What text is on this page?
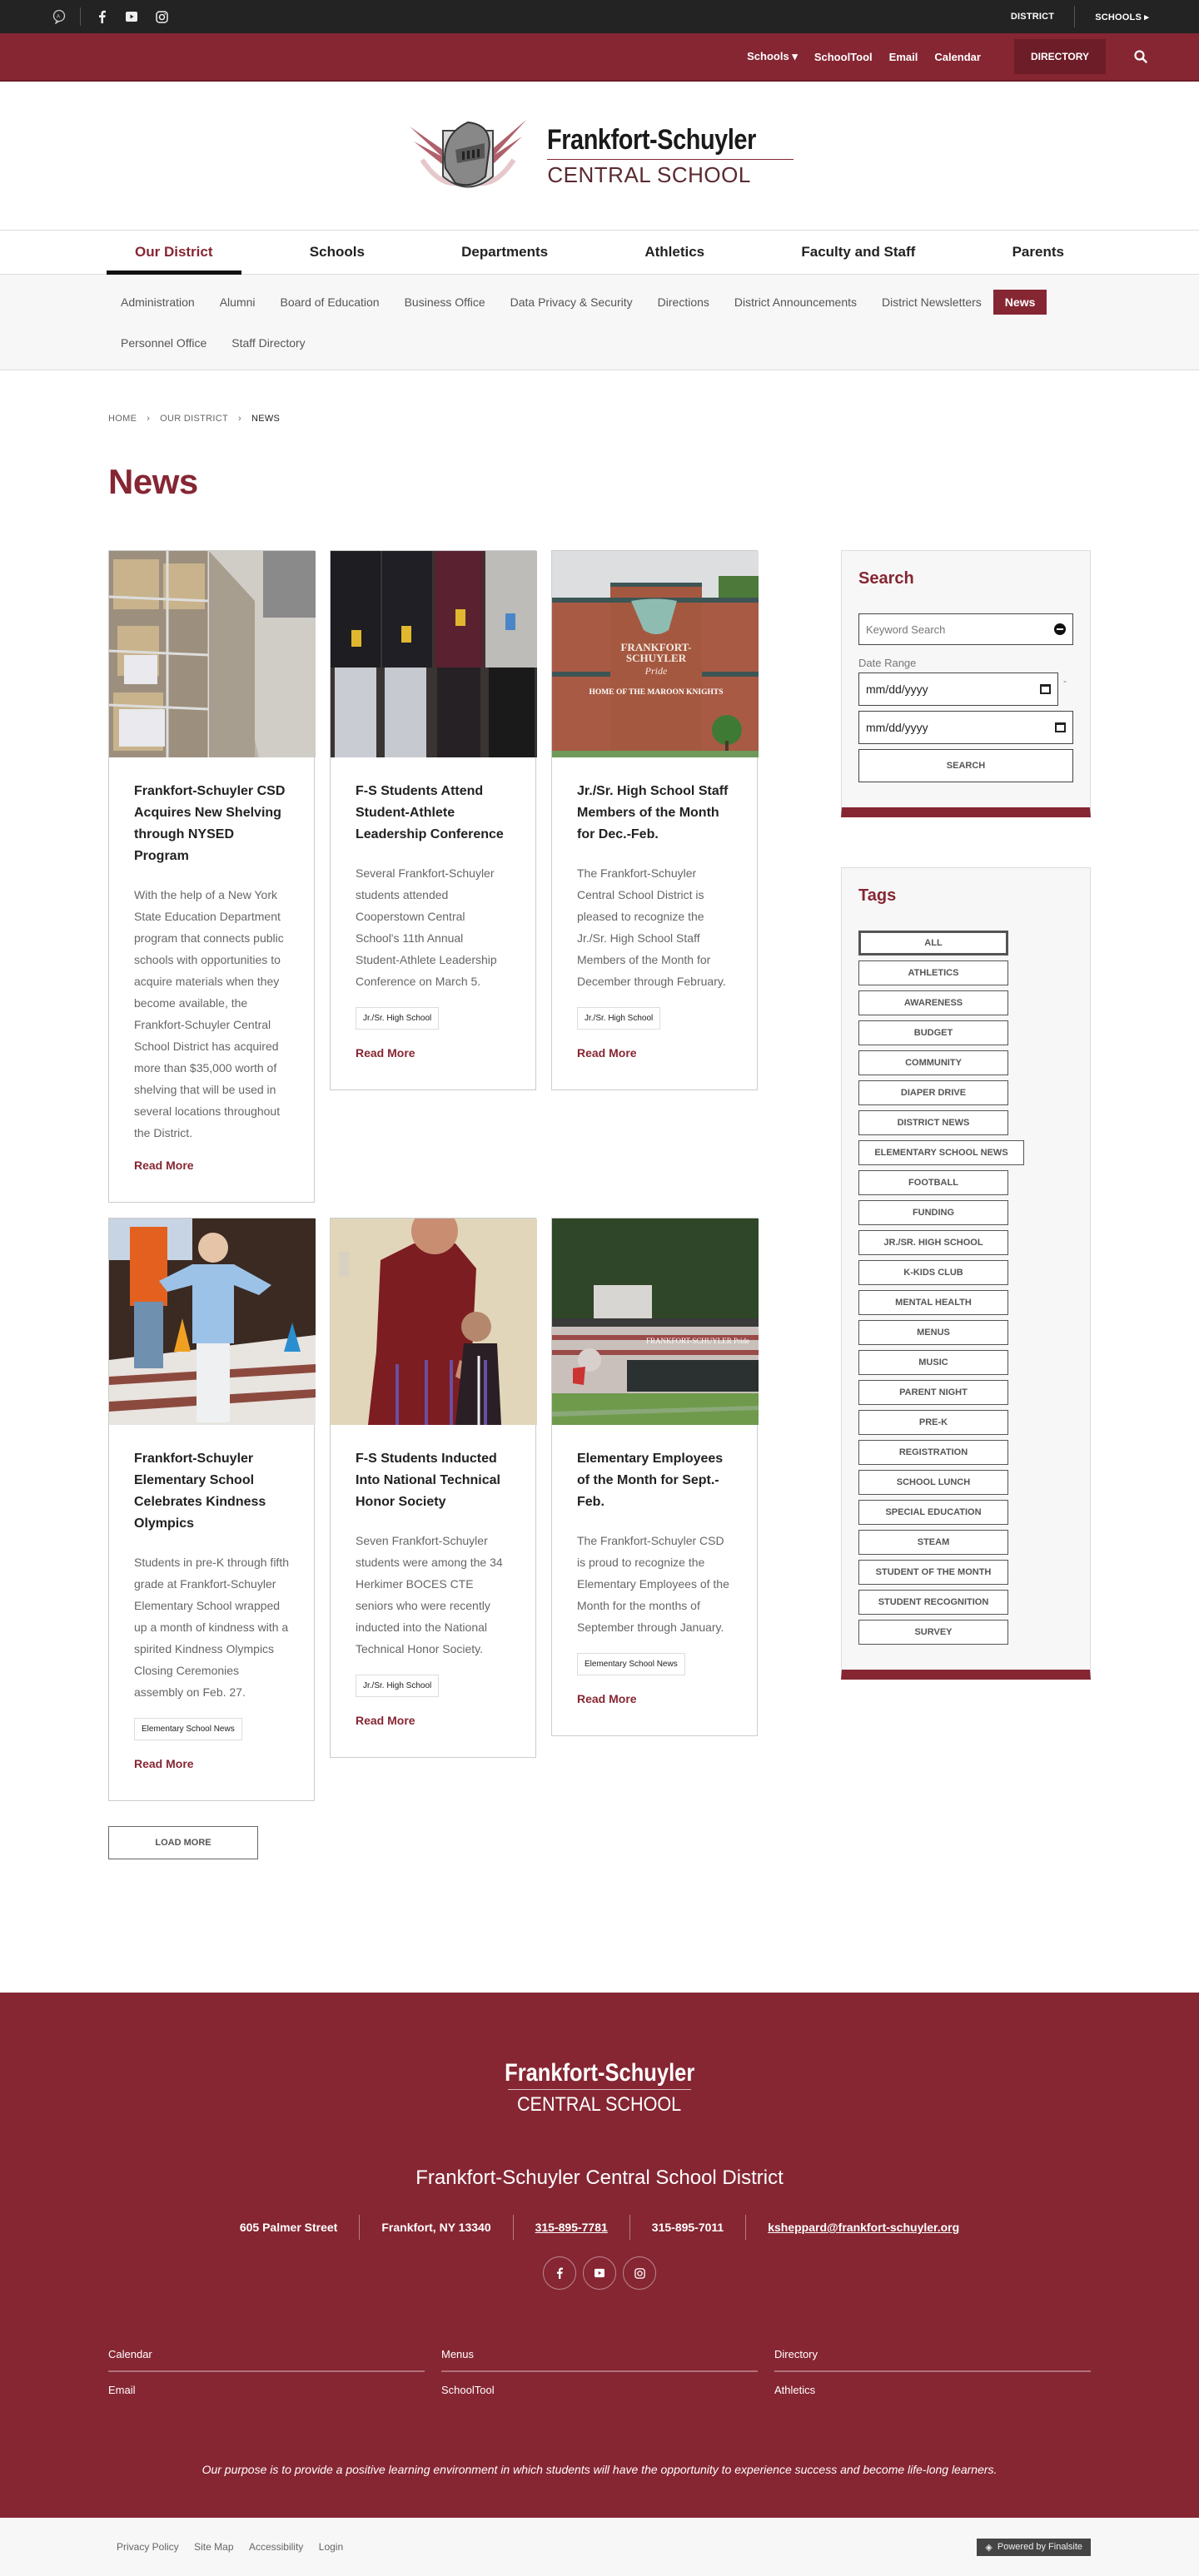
A	DISTRICT	SCHOOLS ▸
Schools ▾ SchoolTool Email Calendar	DIRECTORY
Frankfort-Schuyler
CENTRAL SCHOOL
Our District	Schools	Departments	Athletics	Faculty and Staff	Parents
Administration Alumni Board of Education Business Office Data Privacy & Security Directions District Announcements District Newsletters	News
Personnel Office Staff Directory
HOME › OUR DISTRICT › NEWS
News
Frankfort-Schuyler CSD Acquires New Shelving through NYSED Program

With the help of a New York State Education Department program that connects public schools with opportunities to acquire materials when they become available, the Frankfort-Schuyler Central School District has acquired more than $35,000 worth of shelving that will be used in several locations throughout the District.

Read More
F-S Students Attend Student-Athlete Leadership Conference

Several Frankfort-Schuyler students attended Cooperstown Central School's 11th Annual Student-Athlete Leadership Conference on March 5.

Jr./Sr. High School
Read More
FRANKFORT-
SCHUYLER
Pride
HOME OF THE MAROON KNIGHTS
Jr./Sr. High School Staff Members of the Month for Dec.-Feb.

The Frankfort-Schuyler Central School District is pleased to recognize the Jr./Sr. High School Staff Members of the Month for December through February.

Jr./Sr. High School
Read More
Frankfort-Schuyler Elementary School Celebrates Kindness Olympics

Students in pre-K through fifth grade at Frankfort-Schuyler Elementary School wrapped up a month of kindness with a spirited Kindness Olympics Closing Ceremonies assembly on Feb. 27.

Elementary School News
Read More
F-S Students Inducted Into National Technical Honor Society

Seven Frankfort-Schuyler students were among the 34 Herkimer BOCES CTE seniors who were recently inducted into the National Technical Honor Society.

Jr./Sr. High School
Read More
FRANKFORT-SCHUYLER Pride
Elementary Employees of the Month for Sept.-Feb.

The Frankfort-Schuyler CSD is proud to recognize the Elementary Employees of the Month for the months of September through January.

Elementary School News
Read More
LOAD MORE
Search
Keyword Search
Date Range
mm/dd/yyyy
-
mm/dd/yyyy
SEARCH
Tags
ALL
ATHLETICS
AWARENESS
BUDGET
COMMUNITY
DIAPER DRIVE
DISTRICT NEWS
ELEMENTARY SCHOOL NEWS
FOOTBALL
FUNDING
JR./SR. HIGH SCHOOL
K-KIDS CLUB
MENTAL HEALTH
MENUS
MUSIC
PARENT NIGHT
PRE-K
REGISTRATION
SCHOOL LUNCH
SPECIAL EDUCATION
STEAM
STUDENT OF THE MONTH
STUDENT RECOGNITION
SURVEY
Frankfort-Schuyler
CENTRAL SCHOOL
Frankfort-Schuyler Central School District
605 Palmer Street	Frankfort, NY 13340	315-895-7781	315-895-7011	ksheppard@frankfort-schuyler.org
Calendar
Email
Menus
SchoolTool
Directory
Athletics
Our purpose is to provide a positive learning environment in which students will have the opportunity to experience success and become life-long learners.
Privacy Policy Site Map Accessibility Login	◈ Powered by Finalsite
